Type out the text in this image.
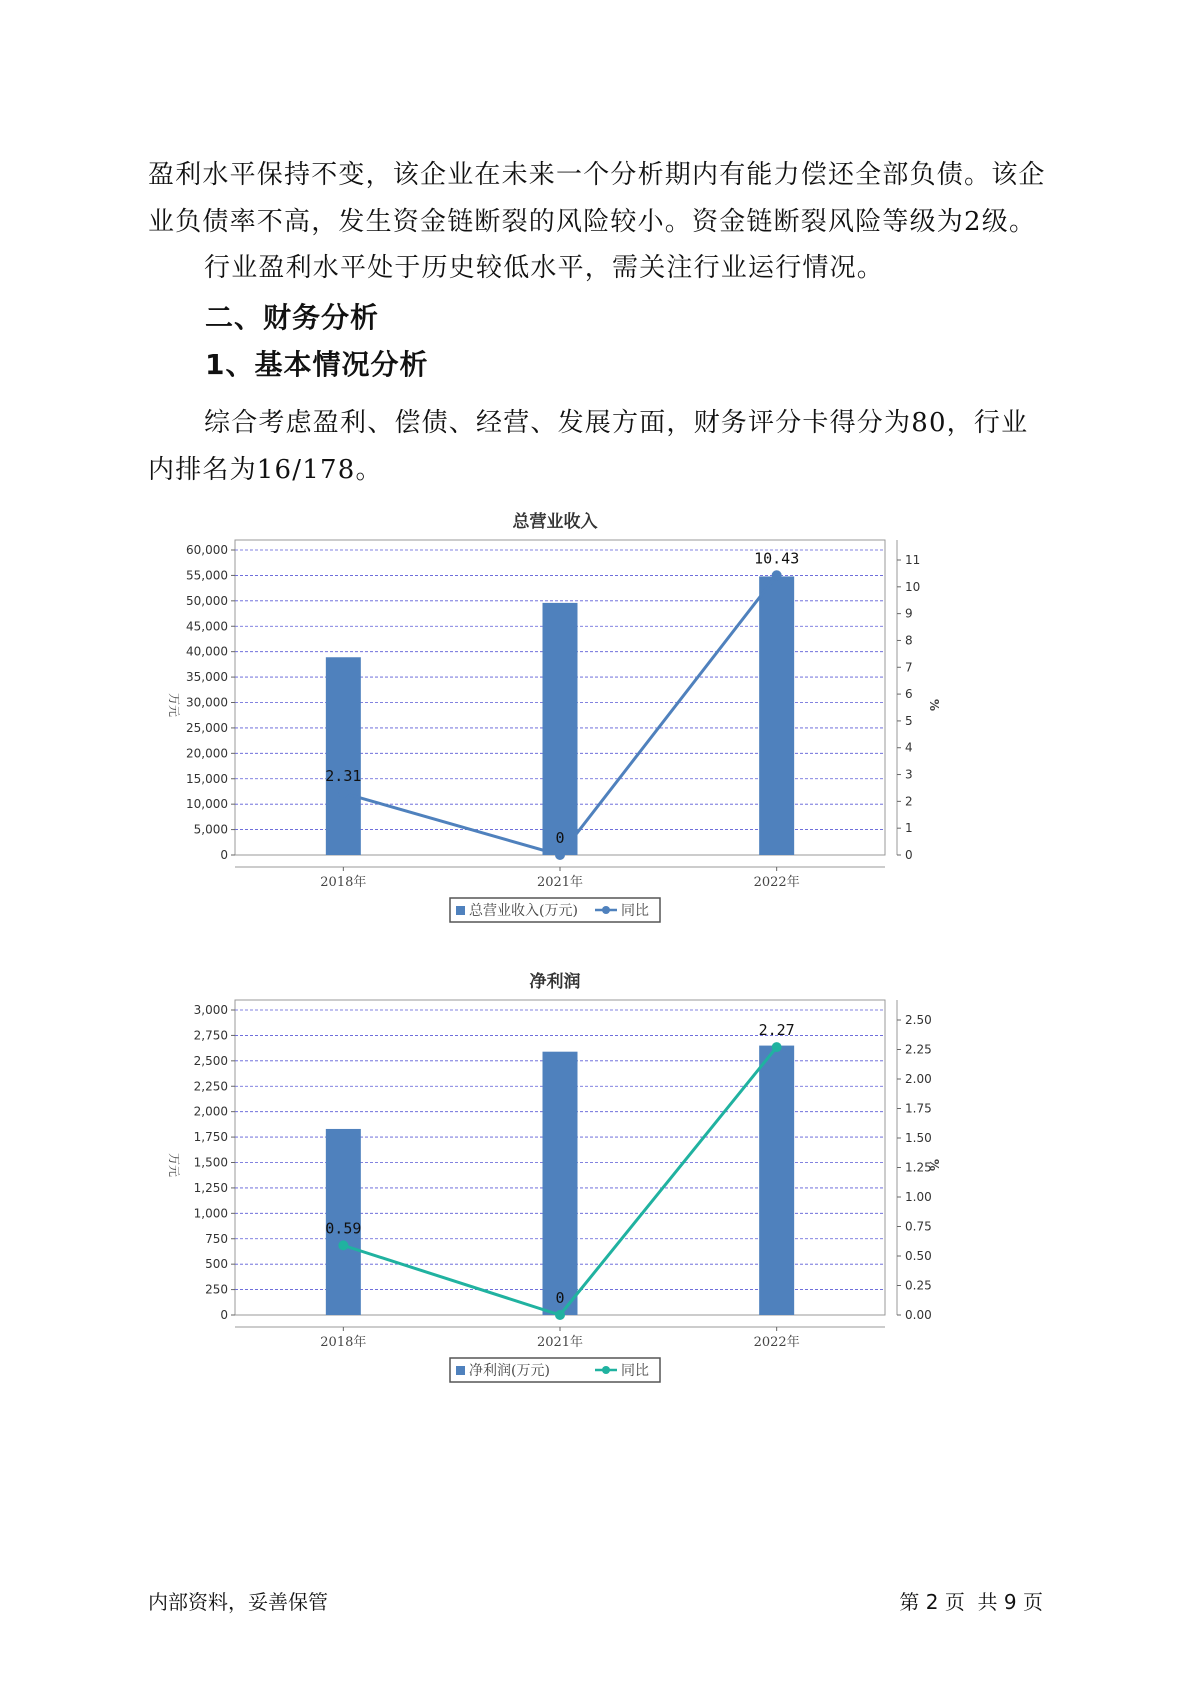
盈利水平保持不变，该企业在未来一个分析期内有能力偿还全部负债。该企业负债率不高，发生资金链断裂的风险较小。资金链断裂风险等级为2级。

行业盈利水平处于历史较低水平，需关注行业运行情况。

二、财务分析
1、基本情况分析

综合考虑盈利、偿债、经营、发展方面，财务评分卡得分为80，行业内排名为16/178。

总营业收入
0
5,000
10,000
15,000
20,000
25,000
30,000
35,000
40,000
45,000
50,000
55,000
60,000
0
1
2
3
4
5
6
7
8
9
10
11
万元	%
2018年	2021年	2022年
2.31
0
10.43
总营业收入(万元)	同比
净利润
0
250
500
750
1,000
1,250
1,500
1,750
2,000
2,250
2,500
2,750
3,000
0.00
0.25
0.50
0.75
1.00
1.25
1.50
1.75
2.00
2.25
2.50
万元	%
2018年	2021年	2022年
0.59
0
2.27
净利润(万元)	同比
内部资料，妥善保管	第 2 页  共 9 页
